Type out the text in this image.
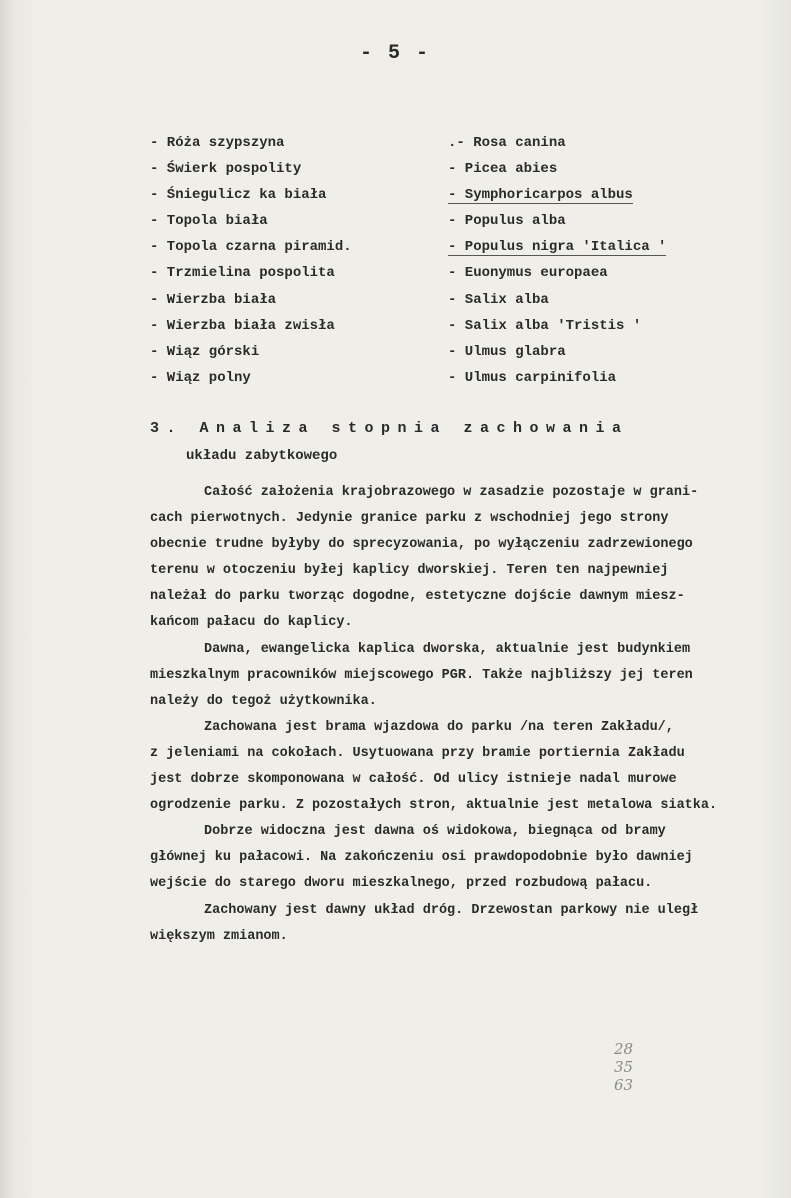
- 5 -
- Róża szypszyna
- Świerk pospolity
- Śniegulicz ka biała
- Topola biała
- Topola czarna piramid.
- Trzmielina pospolita
- Wierzba biała
- Wierzba biała zwisła
- Wiąz górski
- Wiąz polny
.- Rosa canina
- Picea abies
- Symphoricarpos albus
- Populus alba
- Populus nigra 'Italica '
- Euonymus europaea
- Salix alba
- Salix alba 'Tristis '
- Ulmus glabra
- Ulmus carpinifolia
3. Analiza stopnia zachowania
układu zabytkowego

Całość założenia krajobrazowego w zasadzie pozostaje w grani-
cach pierwotnych. Jedynie granice parku z wschodniej jego strony
obecnie trudne byłyby do sprecyzowania, po wyłączeniu zadrzewionego
terenu w otoczeniu byłej kaplicy dworskiej. Teren ten najpewniej
należał do parku tworząc dogodne, estetyczne dojście dawnym miesz-
kańcom pałacu do kaplicy.

Dawna, ewangelicka kaplica dworska, aktualnie jest budynkiem
mieszkalnym pracowników miejscowego PGR. Także najbliższy jej teren
należy do tegoż użytkownika.

Zachowana jest brama wjazdowa do parku /na teren Zakładu/,
z jeleniami na cokołach. Usytuowana przy bramie portiernia Zakładu
jest dobrze skomponowana w całość. Od ulicy istnieje nadal murowe
ogrodzenie parku. Z pozostałych stron, aktualnie jest metalowa siatka.

Dobrze widoczna jest dawna oś widokowa, biegnąca od bramy
głównej ku pałacowi. Na zakończeniu osi prawdopodobnie było dawniej
wejście do starego dworu mieszkalnego, przed rozbudową pałacu.

Zachowany jest dawny układ dróg. Drzewostan parkowy nie uległ
większym zmianom.

28
35
63
